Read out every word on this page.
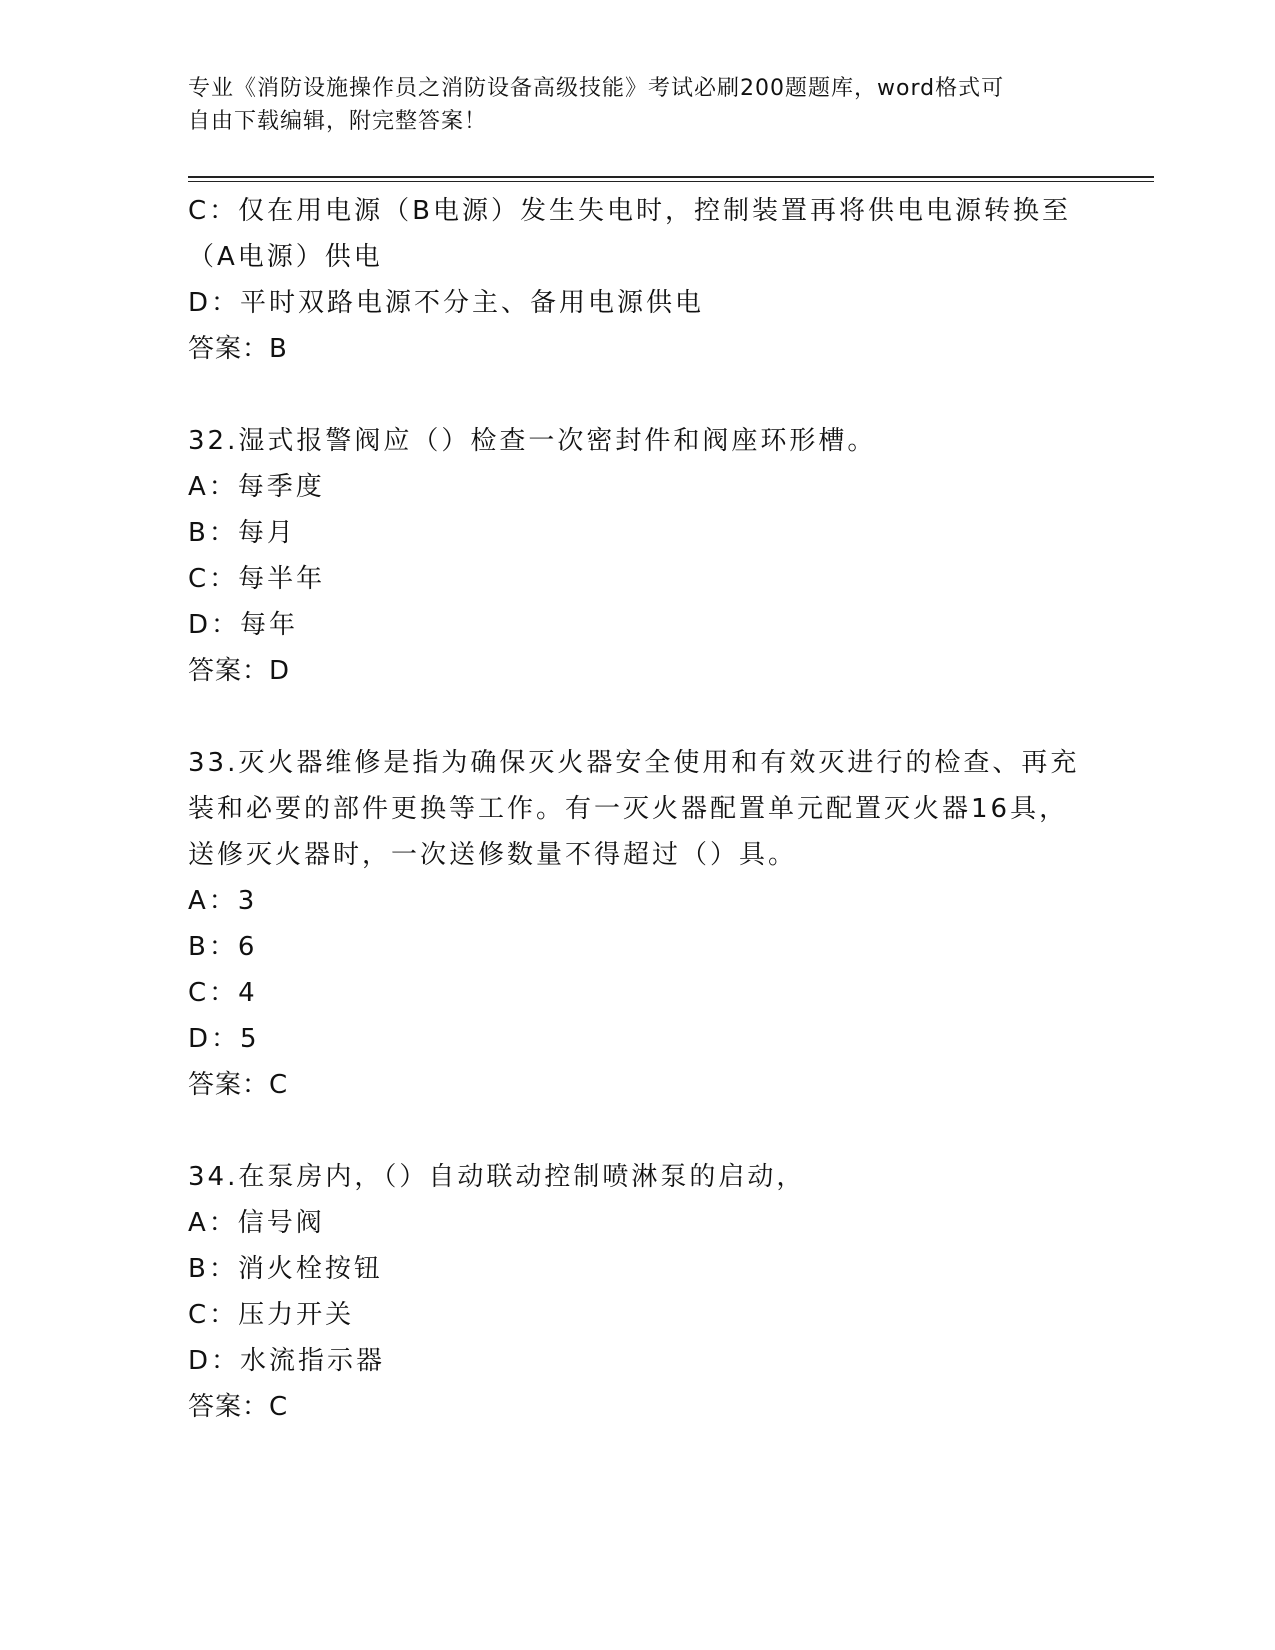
专业《消防设施操作员之消防设备高级技能》考试必刷200题题库，word格式可
自由下载编辑，附完整答案！
C：仅在用电源（B电源）发生失电时，控制装置再将供电电源转换至
（A电源）供电
D：平时双路电源不分主、备用电源供电
答案：B
32.湿式报警阀应（）检查一次密封件和阀座环形槽。
A：每季度
B：每月
C：每半年
D：每年
答案：D
33.灭火器维修是指为确保灭火器安全使用和有效灭进行的检查、再充
装和必要的部件更换等工作。有一灭火器配置单元配置灭火器16具，
送修灭火器时，一次送修数量不得超过（）具。
A：3
B：6
C：4
D：5
答案：C
34.在泵房内，（）自动联动控制喷淋泵的启动，
A：信号阀
B：消火栓按钮
C：压力开关
D：水流指示器
答案：C
